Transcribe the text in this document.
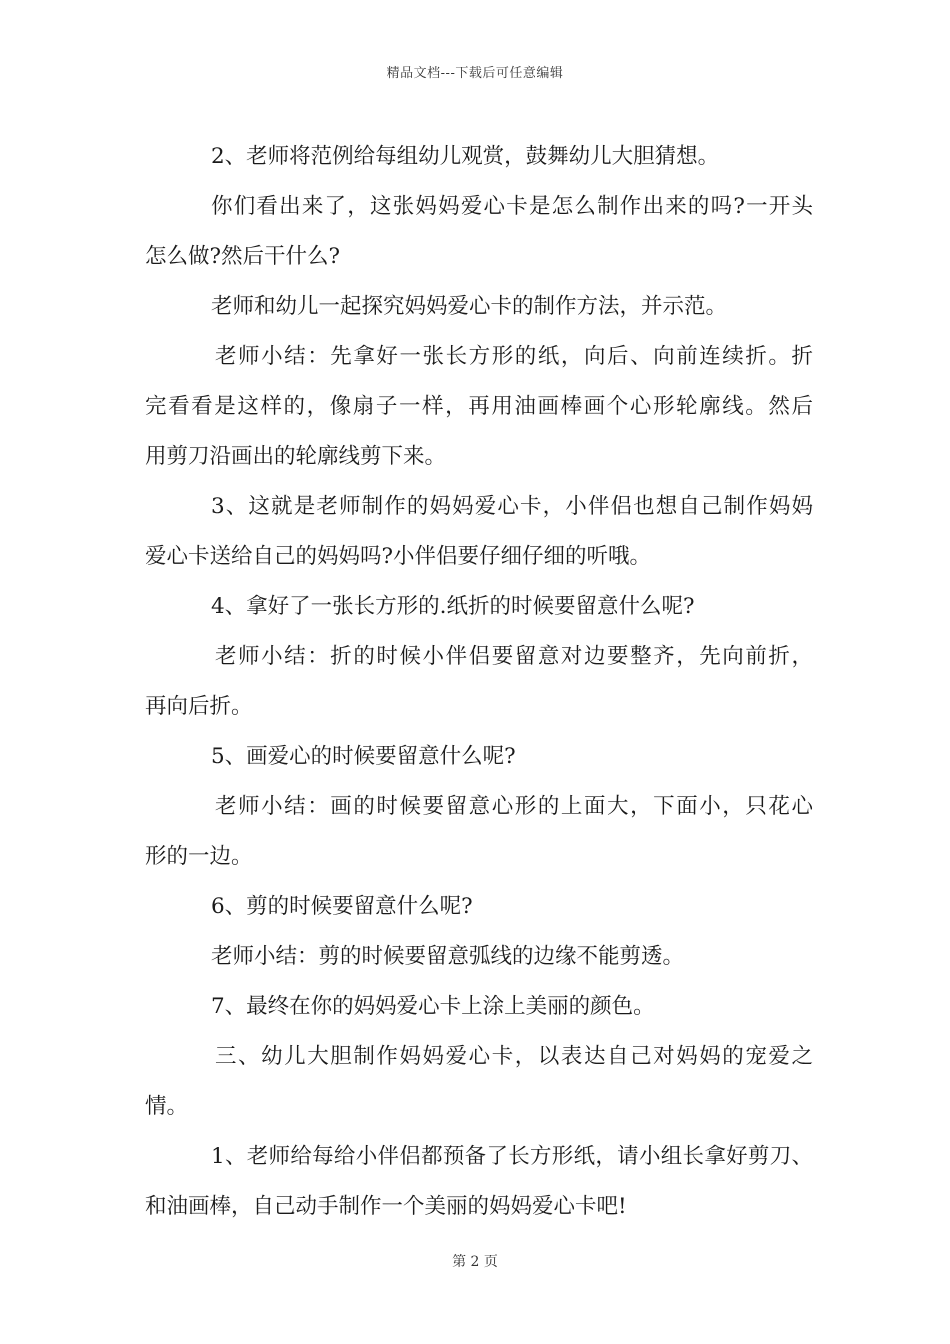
精品文档---下载后可任意编辑
2、老师将范例给每组幼儿观赏，鼓舞幼儿大胆猜想。
你们看出来了，这张妈妈爱心卡是怎么制作出来的吗?一开头
怎么做?然后干什么?
老师和幼儿一起探究妈妈爱心卡的制作方法，并示范。
老师小结：先拿好一张长方形的纸，向后、向前连续折。折
完看看是这样的，像扇子一样，再用油画棒画个心形轮廓线。然后
用剪刀沿画出的轮廓线剪下来。
3、这就是老师制作的妈妈爱心卡，小伴侣也想自己制作妈妈
爱心卡送给自己的妈妈吗?小伴侣要仔细仔细的听哦。
4、拿好了一张长方形的.纸折的时候要留意什么呢?
老师小结：折的时候小伴侣要留意对边要整齐，先向前折，
再向后折。
5、画爱心的时候要留意什么呢?
老师小结：画的时候要留意心形的上面大，下面小，只花心
形的一边。
6、剪的时候要留意什么呢?
老师小结：剪的时候要留意弧线的边缘不能剪透。
7、最终在你的妈妈爱心卡上涂上美丽的颜色。
三、幼儿大胆制作妈妈爱心卡，以表达自己对妈妈的宠爱之
情。
1、老师给每给小伴侣都预备了长方形纸，请小组长拿好剪刀、
和油画棒，自己动手制作一个美丽的妈妈爱心卡吧!
第 2 页
